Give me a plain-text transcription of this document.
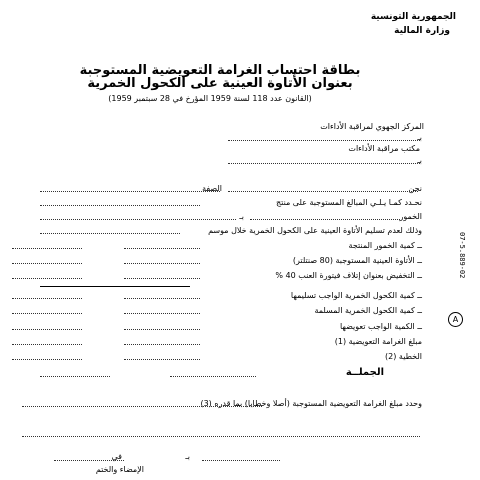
الجمهورية التونسية
وزارة المالية
بطاقة احتساب الغرامة التعويضية المستوجبة
بعنوان الأتاوة العينية على الكحول الخمرية
(القانون عدد 118 لسنة 1959 المؤرخ في 28 سبتمبر 1959)
المركز الجهوي لمراقبة الأداءات
بـ
مكتب مراقبة الأداءات
بـ
نحن
الصفة
نحـدد كمـا يـلـي المبالغ المستوجبة على منتج
الخمور
بـ
وذلك لعدم تسليم الأتاوة العينية على الكحول الخمرية خلال موسم
ــ كمية الخمور المنتجة
ــ الأتاوة العينية المستوجبة (80 صنتلتر)
ــ التخفيض بعنوان إتلاف فيتورة العنب 40 %
ــ كمية الكحول الخمرية الواجب تسليمها
ــ كمية الكحول الخمرية المسلمة
ــ الكمية الواجب تعويضها
مبلغ الغرامة التعويضية (1)
الخطية (2)
الجملــة
وحدد مبلغ الغرامة التعويضية المستوجبة (أصلا وخطايا) بما قدره (3)
بـ
في
الإمضاء والختم
07-5.889-02
A
